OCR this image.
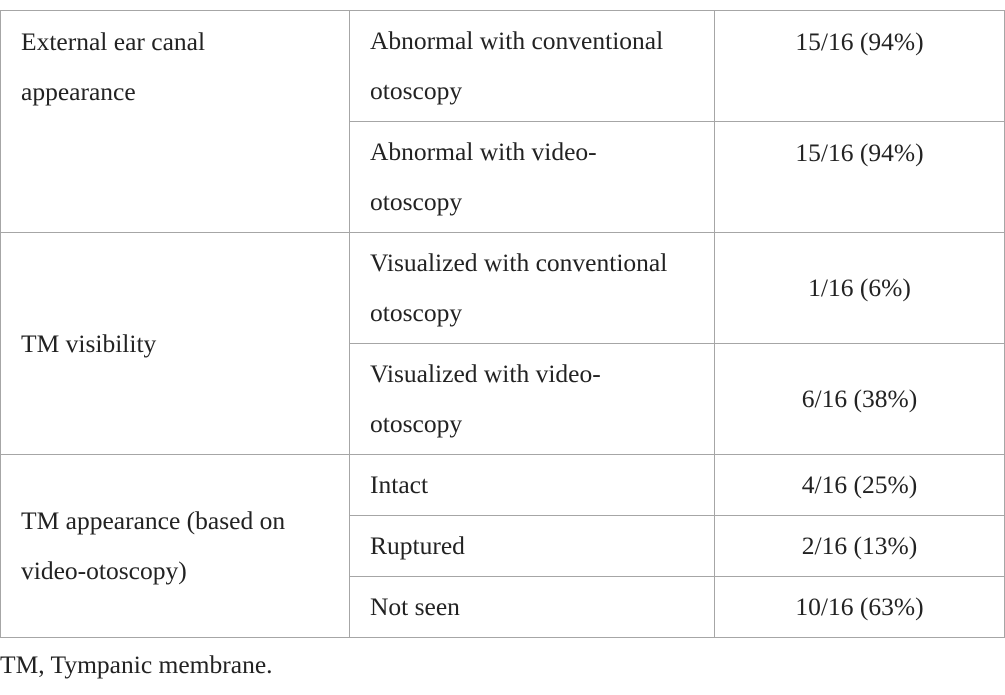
External ear canal appearance	Abnormal with conventional otoscopy	15/16 (94%)
	Abnormal with video-otoscopy	15/16 (94%)
TM visibility	Visualized with conventional otoscopy	1/16 (6%)
	Visualized with video-otoscopy	6/16 (38%)
TM appearance (based on video-otoscopy)	Intact	4/16 (25%)
	Ruptured	2/16 (13%)
	Not seen	10/16 (63%)

TM, Tympanic membrane.
